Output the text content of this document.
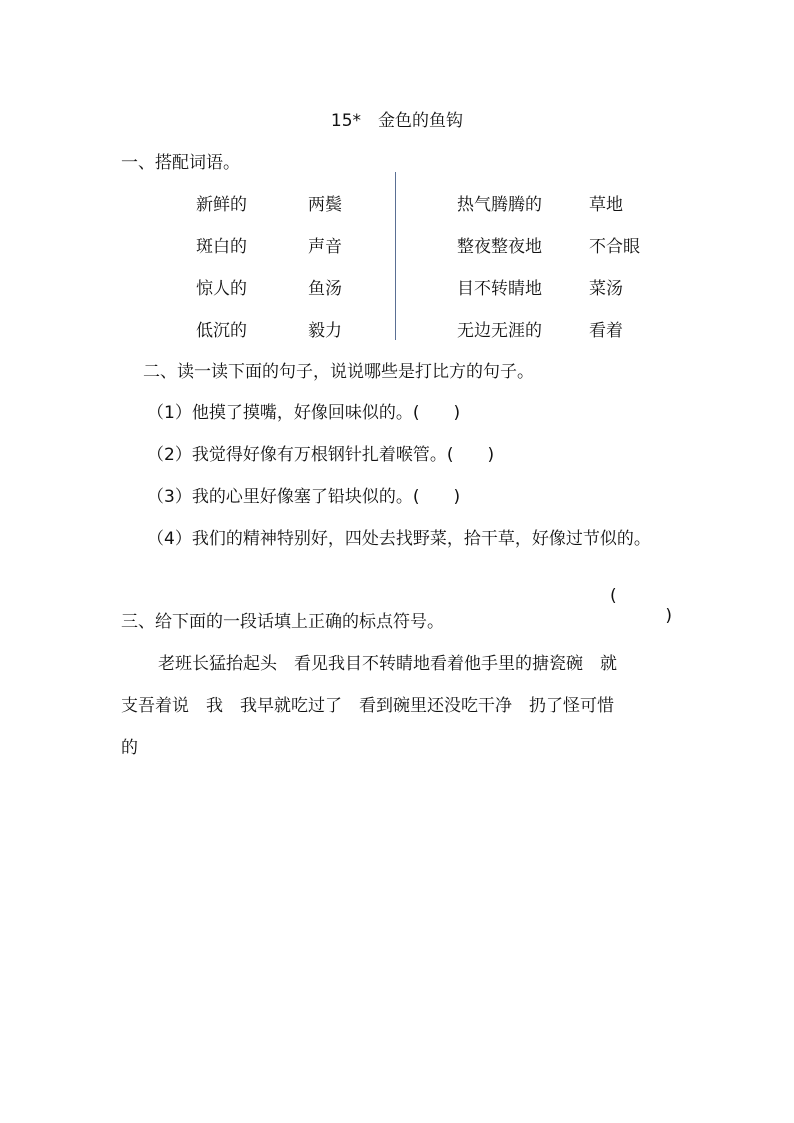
15*　金色的鱼钩
一、搭配词语。
新鲜的
斑白的
惊人的
低沉的
两鬓
声音
鱼汤
毅力
热气腾腾的
整夜整夜地
目不转睛地
无边无涯的
草地
不合眼
菜汤
看着
二、读一读下面的句子，说说哪些是打比方的句子。
（1）他摸了摸嘴，好像回味似的。(　　)
（2）我觉得好像有万根钢针扎着喉管。(　　)
（3）我的心里好像塞了铅块似的。(　　)
（4）我们的精神特别好，四处去找野菜，拾干草，好像过节似的。

(

)

三、给下面的一段话填上正确的标点符号。
老班长猛抬起头　看见我目不转睛地看着他手里的搪瓷碗　就
支吾着说　我　我早就吃过了　看到碗里还没吃干净　扔了怪可惜
的
